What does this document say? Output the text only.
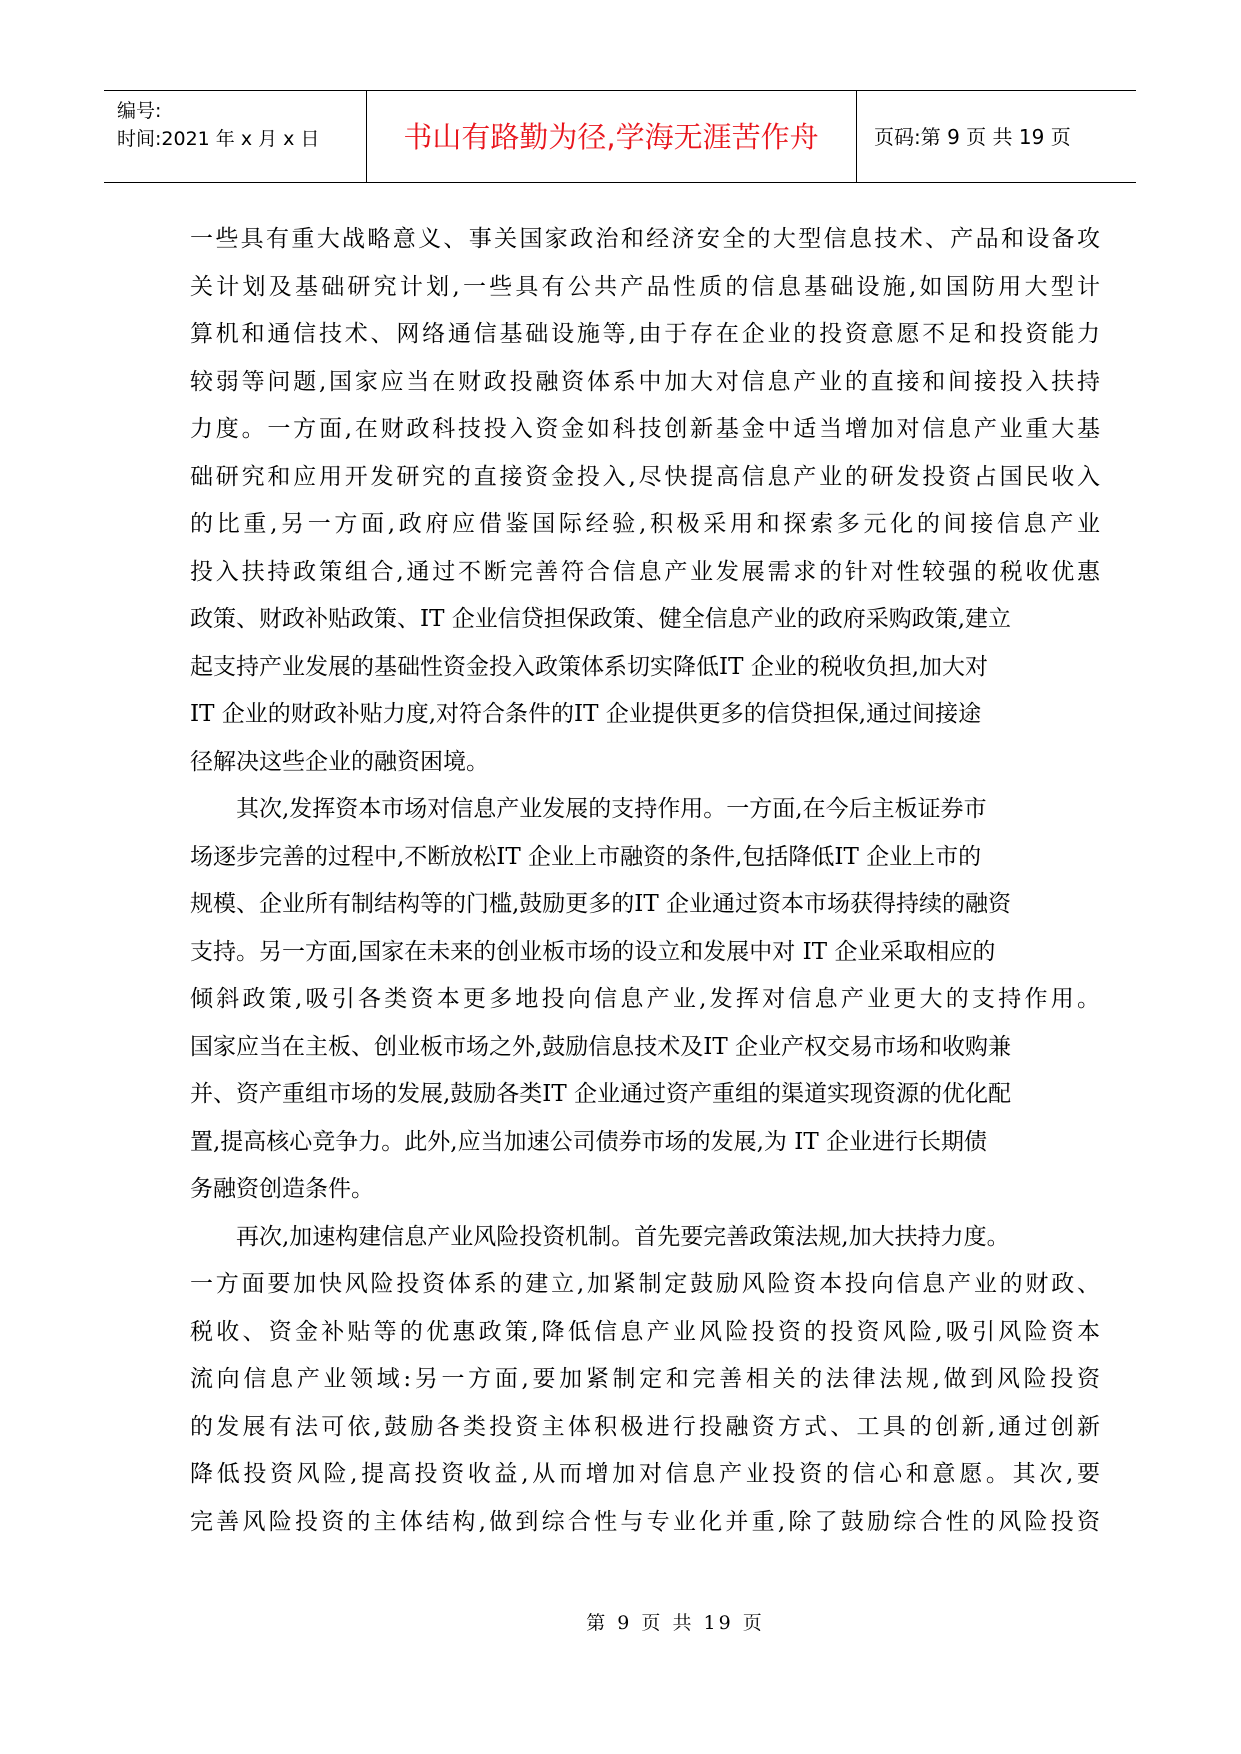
编号:
时间:2021 年 x 月 x 日	书山有路勤为径,学海无涯苦作舟	页码:第 9 页 共 19 页
一些具有重大战略意义、事关国家政治和经济安全的大型信息技术、产品和设备攻
关计划及基础研究计划,一些具有公共产品性质的信息基础设施,如国防用大型计
算机和通信技术、网络通信基础设施等,由于存在企业的投资意愿不足和投资能力
较弱等问题,国家应当在财政投融资体系中加大对信息产业的直接和间接投入扶持
力度。一方面,在财政科技投入资金如科技创新基金中适当增加对信息产业重大基
础研究和应用开发研究的直接资金投入,尽快提高信息产业的研发投资占国民收入
的比重,另一方面,政府应借鉴国际经验,积极采用和探索多元化的间接信息产业
投入扶持政策组合,通过不断完善符合信息产业发展需求的针对性较强的税收优惠
政策、财政补贴政策、IT 企业信贷担保政策、健全信息产业的政府采购政策,建立
起支持产业发展的基础性资金投入政策体系切实降低IT 企业的税收负担,加大对
IT 企业的财政补贴力度,对符合条件的IT 企业提供更多的信贷担保,通过间接途
径解决这些企业的融资困境。
其次,发挥资本市场对信息产业发展的支持作用。一方面,在今后主板证券市
场逐步完善的过程中,不断放松IT 企业上市融资的条件,包括降低IT 企业上市的
规模、企业所有制结构等的门槛,鼓励更多的IT 企业通过资本市场获得持续的融资
支持。另一方面,国家在未来的创业板市场的设立和发展中对 IT 企业采取相应的
倾斜政策,吸引各类资本更多地投向信息产业,发挥对信息产业更大的支持作用。
国家应当在主板、创业板市场之外,鼓励信息技术及IT 企业产权交易市场和收购兼
并、资产重组市场的发展,鼓励各类IT 企业通过资产重组的渠道实现资源的优化配
置,提高核心竞争力。此外,应当加速公司债券市场的发展,为 IT 企业进行长期债
务融资创造条件。
再次,加速构建信息产业风险投资机制。首先要完善政策法规,加大扶持力度。
一方面要加快风险投资体系的建立,加紧制定鼓励风险资本投向信息产业的财政、
税收、资金补贴等的优惠政策,降低信息产业风险投资的投资风险,吸引风险资本
流向信息产业领域:另一方面,要加紧制定和完善相关的法律法规,做到风险投资
的发展有法可依,鼓励各类投资主体积极进行投融资方式、工具的创新,通过创新
降低投资风险,提高投资收益,从而增加对信息产业投资的信心和意愿。其次,要
完善风险投资的主体结构,做到综合性与专业化并重,除了鼓励综合性的风险投资
第 9 页 共 19 页
